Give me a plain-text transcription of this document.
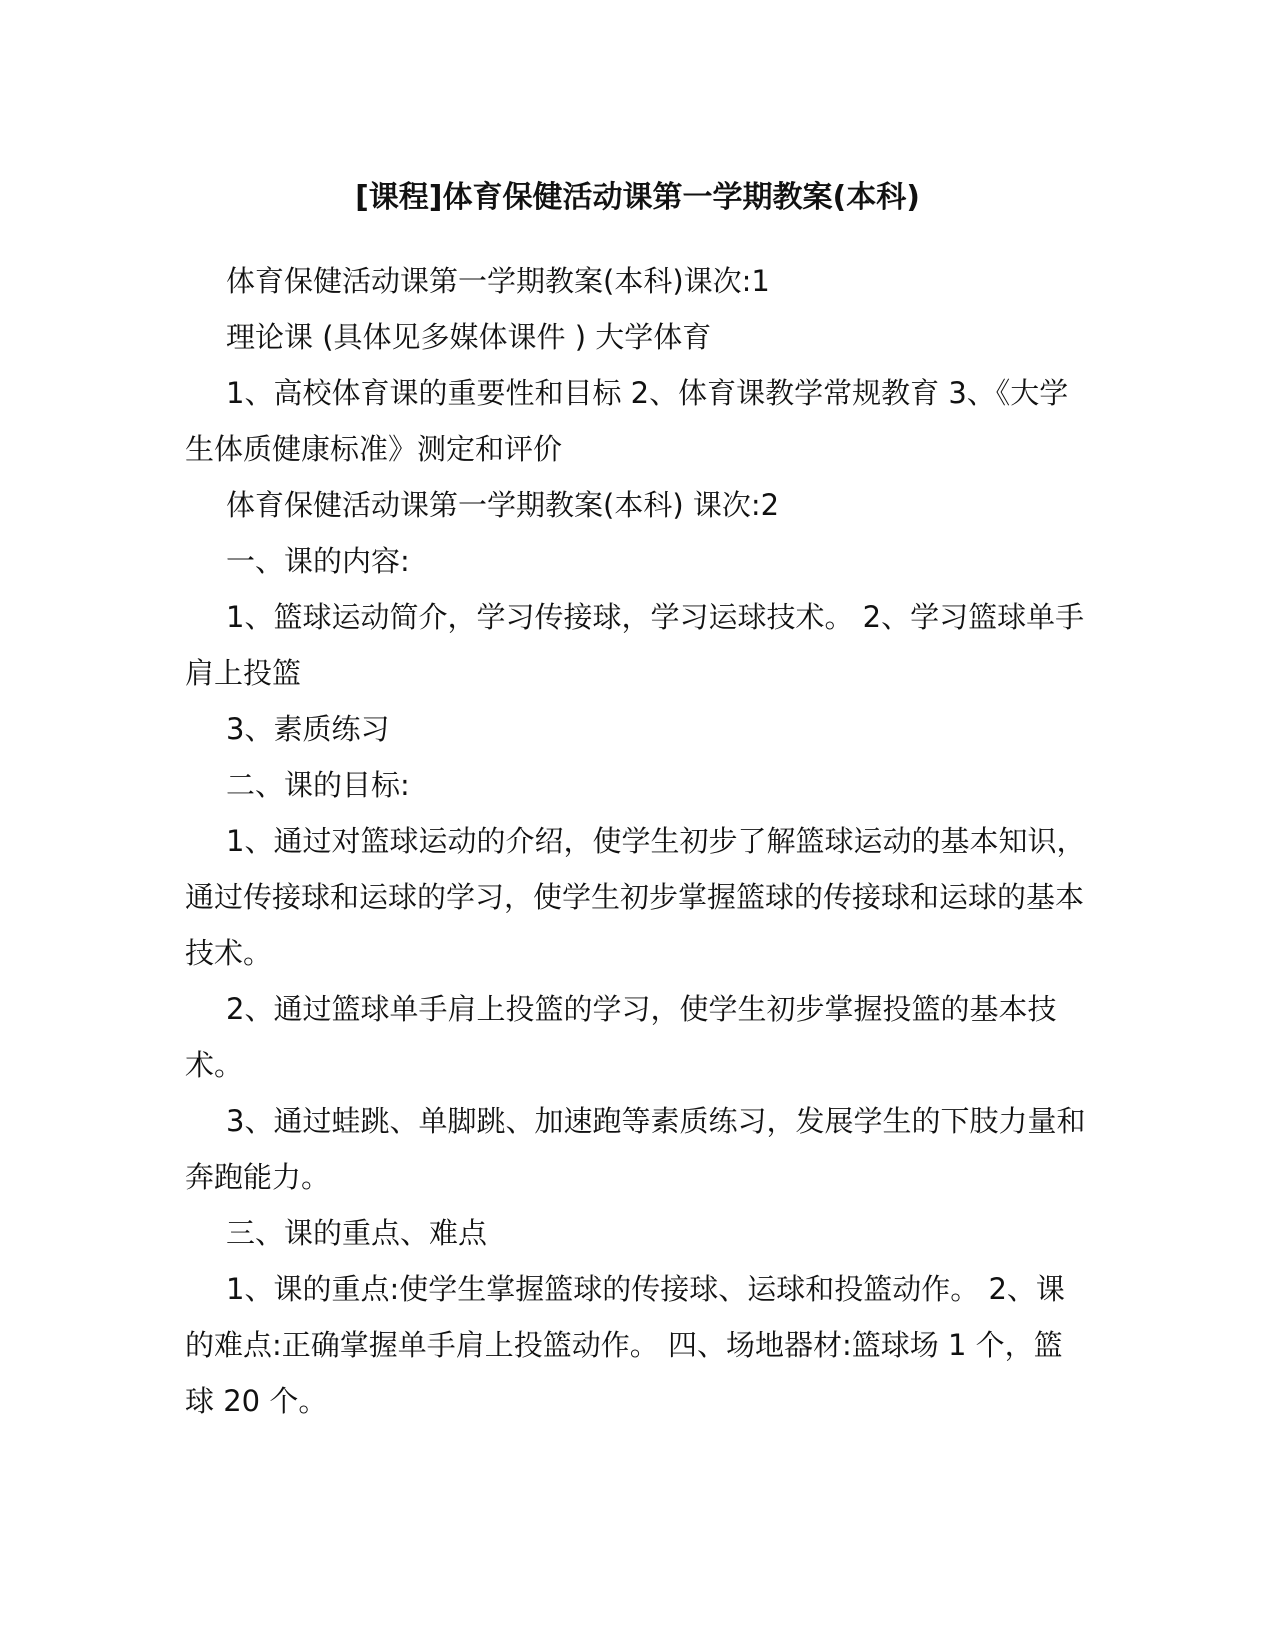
[课程]体育保健活动课第一学期教案(本科)

体育保健活动课第一学期教案(本科)课次:1

理论课 (具体见多媒体课件 ) 大学体育

1、高校体育课的重要性和目标 2、体育课教学常规教育 3、《大学生体质健康标准》测定和评价

体育保健活动课第一学期教案(本科) 课次:2

一、课的内容:

1、篮球运动简介，学习传接球，学习运球技术。 2、学习篮球单手肩上投篮

3、素质练习

二、课的目标:

1、通过对篮球运动的介绍，使学生初步了解篮球运动的基本知识，通过传接球和运球的学习，使学生初步掌握篮球的传接球和运球的基本技术。

2、通过篮球单手肩上投篮的学习，使学生初步掌握投篮的基本技术。

3、通过蛙跳、单脚跳、加速跑等素质练习，发展学生的下肢力量和奔跑能力。

三、课的重点、难点

1、课的重点:使学生掌握篮球的传接球、运球和投篮动作。 2、课的难点:正确掌握单手肩上投篮动作。 四、场地器材:篮球场 1 个，篮球 20 个。
